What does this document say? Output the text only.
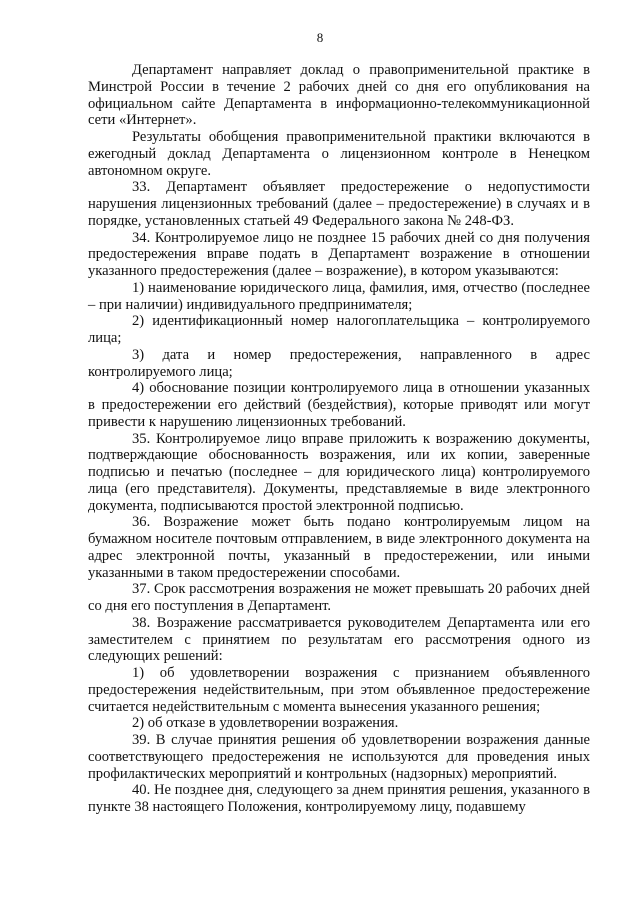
8

Департамент направляет доклад о правоприменительной практике в Минстрой России в течение 2 рабочих дней со дня его опубликования на официальном сайте Департамента в информационно-телекоммуникационной сети «Интернет».

Результаты обобщения правоприменительной практики включаются в ежегодный доклад Департамента о лицензионном контроле в Ненецком автономном округе.

33. Департамент объявляет предостережение о недопустимости нарушения лицензионных требований (далее – предостережение) в случаях и в порядке, установленных статьей 49 Федерального закона № 248-ФЗ.

34. Контролируемое лицо не позднее 15 рабочих дней со дня получения предостережения вправе подать в Департамент возражение в отношении указанного предостережения (далее – возражение), в котором указываются:

1) наименование юридического лица, фамилия, имя, отчество (последнее – при наличии) индивидуального предпринимателя;

2) идентификационный номер налогоплательщика – контролируемого лица;

3) дата и номер предостережения, направленного в адрес контролируемого лица;

4) обоснование позиции контролируемого лица в отношении указанных в предостережении его действий (бездействия), которые приводят или могут привести к нарушению лицензионных требований.

35. Контролируемое лицо вправе приложить к возражению документы, подтверждающие обоснованность возражения, или их копии, заверенные подписью и печатью (последнее – для юридического лица) контролируемого лица (его представителя). Документы, представляемые в виде электронного документа, подписываются простой электронной подписью.

36. Возражение может быть подано контролируемым лицом на бумажном носителе почтовым отправлением, в виде электронного документа на адрес электронной почты, указанный в предостережении, или иными указанными в таком предостережении способами.

37. Срок рассмотрения возражения не может превышать 20 рабочих дней со дня его поступления в Департамент.

38. Возражение рассматривается руководителем Департамента или его заместителем с принятием по результатам его рассмотрения одного из следующих решений:

1) об удовлетворении возражения с признанием объявленного предостережения недействительным, при этом объявленное предостережение считается недействительным с момента вынесения указанного решения;

2) об отказе в удовлетворении возражения.

39. В случае принятия решения об удовлетворении возражения данные соответствующего предостережения не используются для проведения иных профилактических мероприятий и контрольных (надзорных) мероприятий.

40. Не позднее дня, следующего за днем принятия решения, указанного в пункте 38 настоящего Положения, контролируемому лицу, подавшему
